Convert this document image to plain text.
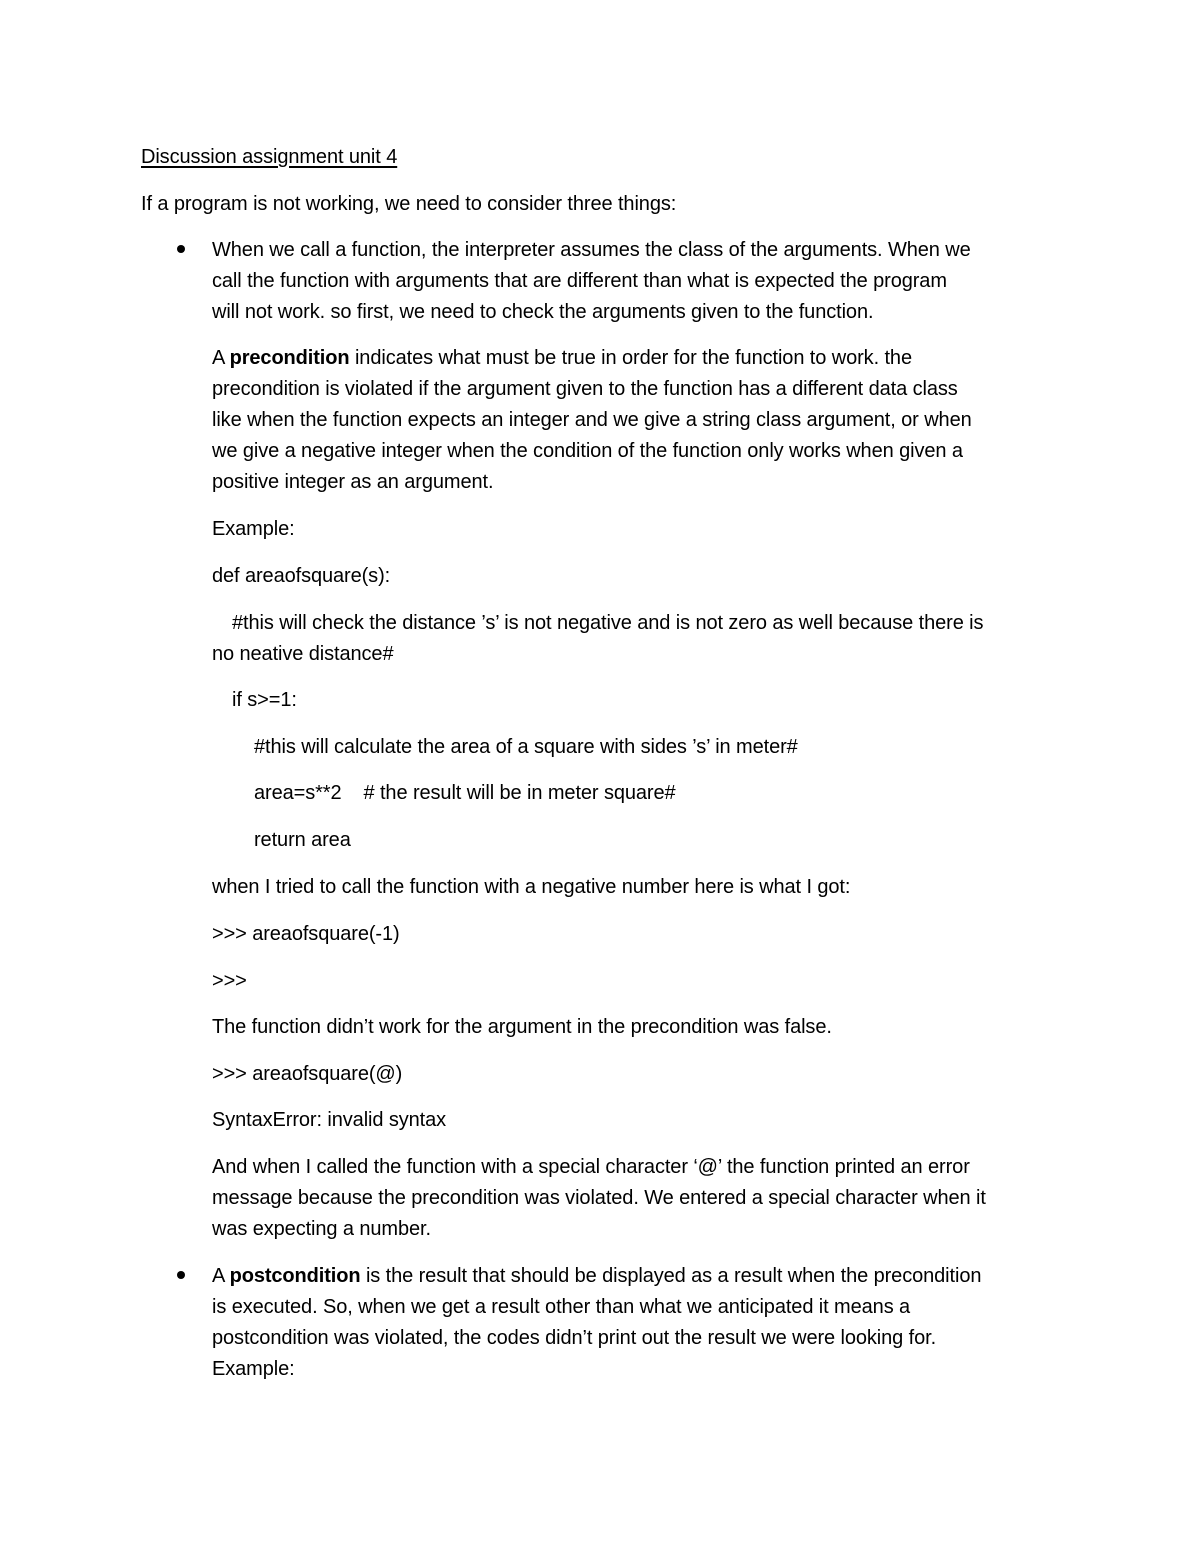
Discussion assignment unit 4
If a program is not working, we need to consider three things:
When we call a function, the interpreter assumes the class of the arguments. When we
call the function with arguments that are different than what is expected the program
will not work. so first, we need to check the arguments given to the function.
A precondition indicates what must be true in order for the function to work. the
precondition is violated if the argument given to the function has a different data class
like when the function expects an integer and we give a string class argument, or when
we give a negative integer when the condition of the function only works when given a
positive integer as an argument.
Example:
def areaofsquare(s):
#this will check the distance ’s’ is not negative and is not zero as well because there is
no neative distance#
if s>=1:
#this will calculate the area of a square with sides ’s’ in meter#
area=s**2 # the result will be in meter square#
return area
when I tried to call the function with a negative number here is what I got:
>>> areaofsquare(-1)
>>>
The function didn’t work for the argument in the precondition was false.
>>> areaofsquare(@)
SyntaxError: invalid syntax
And when I called the function with a special character ‘@’ the function printed an error
message because the precondition was violated. We entered a special character when it
was expecting a number.
A postcondition is the result that should be displayed as a result when the precondition
is executed. So, when we get a result other than what we anticipated it means a
postcondition was violated, the codes didn’t print out the result we were looking for.
Example:
